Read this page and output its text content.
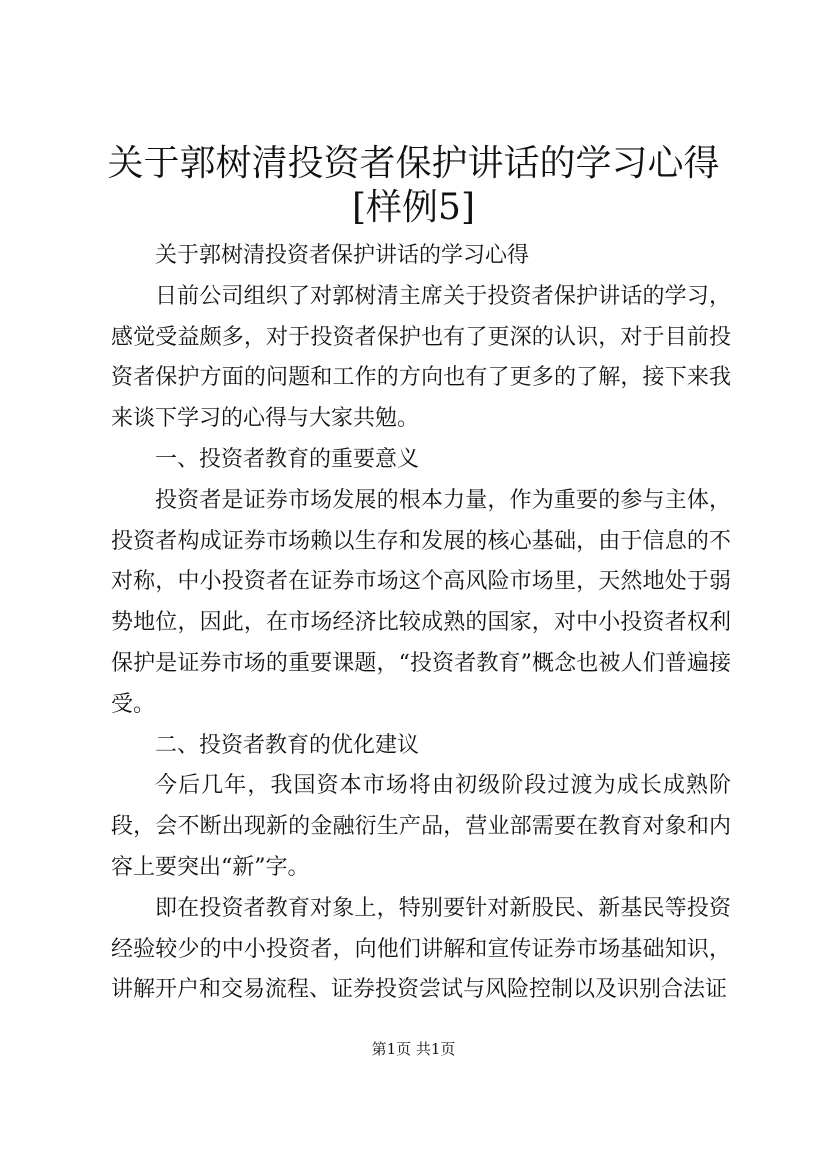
关于郭树清投资者保护讲话的学习心得[样例5]

关于郭树清投资者保护讲话的学习心得

日前公司组织了对郭树清主席关于投资者保护讲话的学习，感觉受益颇多，对于投资者保护也有了更深的认识，对于目前投资者保护方面的问题和工作的方向也有了更多的了解，接下来我来谈下学习的心得与大家共勉。

一、投资者教育的重要意义

投资者是证券市场发展的根本力量，作为重要的参与主体，投资者构成证券市场赖以生存和发展的核心基础，由于信息的不对称，中小投资者在证券市场这个高风险市场里，天然地处于弱势地位，因此，在市场经济比较成熟的国家，对中小投资者权利保护是证券市场的重要课题，“投资者教育”概念也被人们普遍接受。

二、投资者教育的优化建议

今后几年，我国资本市场将由初级阶段过渡为成长成熟阶段，会不断出现新的金融衍生产品，营业部需要在教育对象和内容上要突出“新”字。

即在投资者教育对象上，特别要针对新股民、新基民等投资经验较少的中小投资者，向他们讲解和宣传证券市场基础知识，讲解开户和交易流程、证券投资尝试与风险控制以及识别合法证

第1页 共1页
